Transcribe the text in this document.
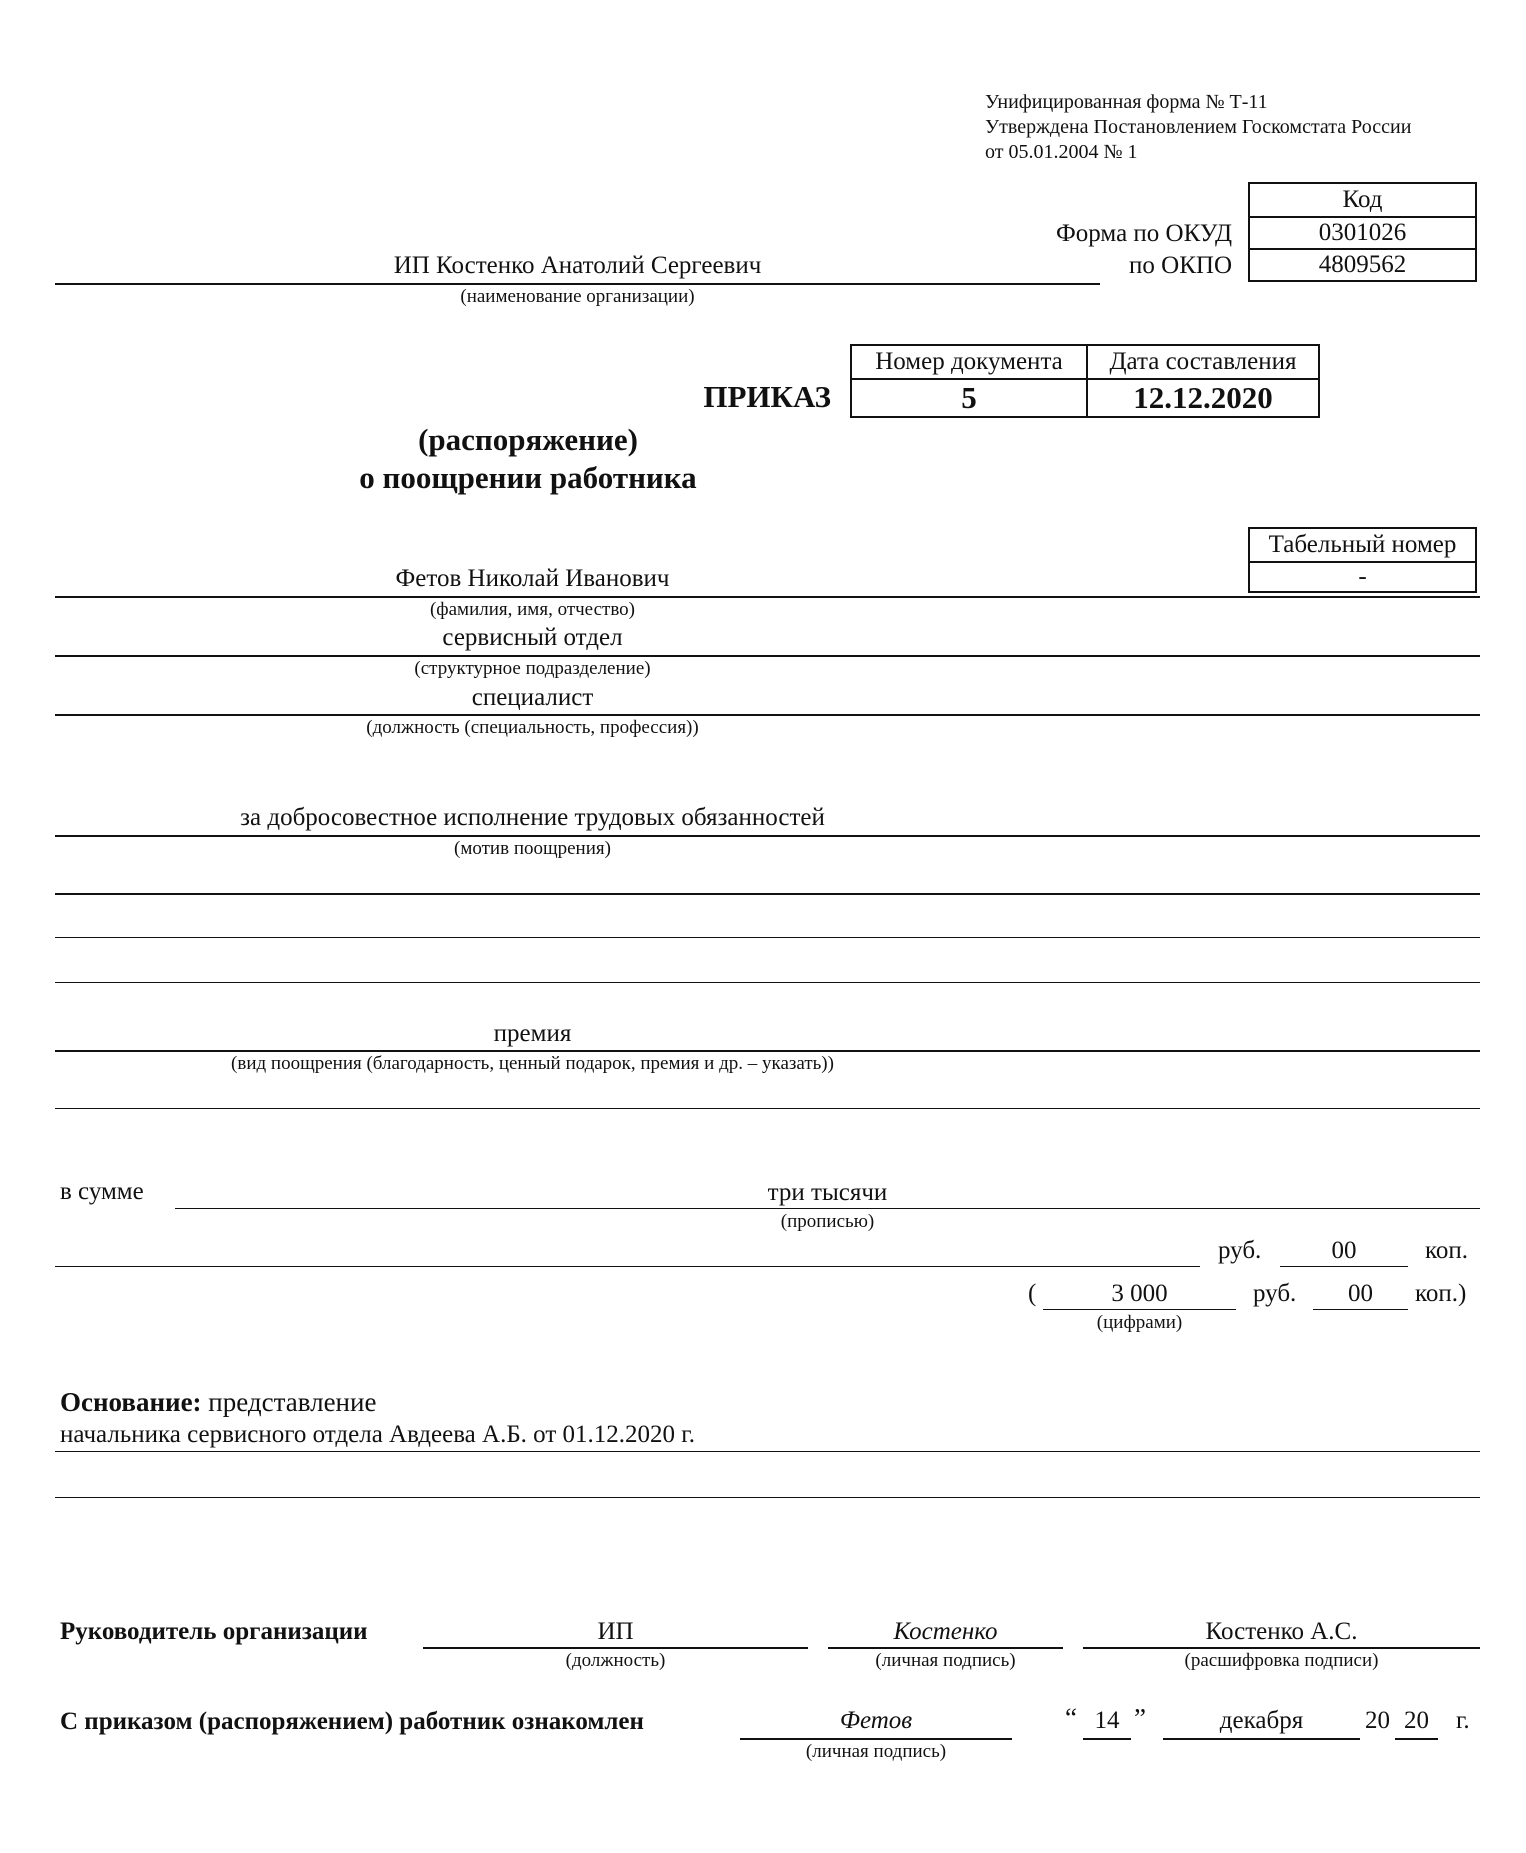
Унифицированная форма № Т-11
Утверждена Постановлением Госкомстата России
от 05.01.2004 № 1
Код
0301026
4809562
Форма по ОКУД
по ОКПО
ИП Костенко Анатолий Сергеевич
(наименование организации)
Номер документа	Дата составления
5	12.12.2020
ПРИКАЗ
(распоряжение)
о поощрении работника
Табельный номер
-
Фетов Николай Иванович
(фамилия, имя, отчество)
сервисный отдел
(структурное подразделение)
специалист
(должность (специальность, профессия))
за добросовестное исполнение трудовых обязанностей
(мотив поощрения)
премия
(вид поощрения (благодарность, ценный подарок, премия и др. – указать))
в сумме	три тысячи
(прописью)
руб.	00	коп.
(	3 000
(цифрами)
руб.	00	коп.)
Основание: представление
начальника сервисного отдела Авдеева А.Б. от 01.12.2020 г.
Руководитель организации	ИП
(должность)
Костенко
(личная подпись)
Костенко А.С.
(расшифровка подписи)
С приказом (распоряжением) работник ознакомлен	Фетов
(личная подпись)
“ 14 ”	декабря	20 20	г.
